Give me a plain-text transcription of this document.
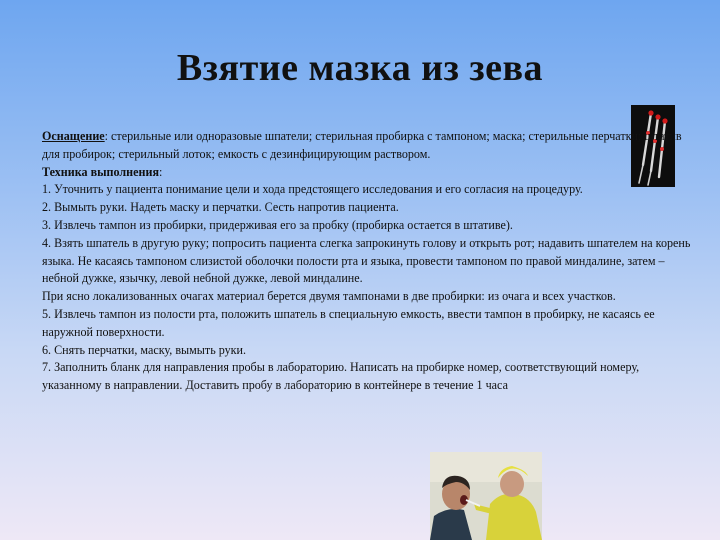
Взятие мазка из зева

Оснащение: стерильные или одноразовые шпатели; стерильная пробирка с тампоном; маска; стерильные перчатки; штатив для пробирок; стерильный лоток; емкость с дезинфицирующим раствором.

Техника выполнения:

1. Уточнить у пациента понимание цели и хода предстоящего исследования и его согласия на процедуру.

2. Вымыть руки. Надеть маску и перчатки. Сесть напротив пациента.

3. Извлечь тампон из пробирки, придерживая его за пробку (пробирка остается в штативе).

4. Взять шпатель в другую руку; попросить пациента слегка запрокинуть голову и открыть рот; надавить шпателем на корень языка. Не касаясь тампоном слизистой оболочки полости рта и языка, провести тампоном по правой миндалине, затем – небной дужке, язычку, левой небной дужке, левой миндалине.

При ясно локализованных очагах материал берется двумя тампонами в две пробирки: из очага и всех участков.

5. Извлечь тампон из полости рта, положить шпатель в специальную емкость, ввести тампон в пробирку, не касаясь ее наружной поверхности.

6. Снять перчатки, маску, вымыть руки.

7. Заполнить бланк для направления пробы в лабораторию. Написать на пробирке номер, соответствующий номеру, указанному в направлении. Доставить пробу в лабораторию в контейнере в течение 1 часа
